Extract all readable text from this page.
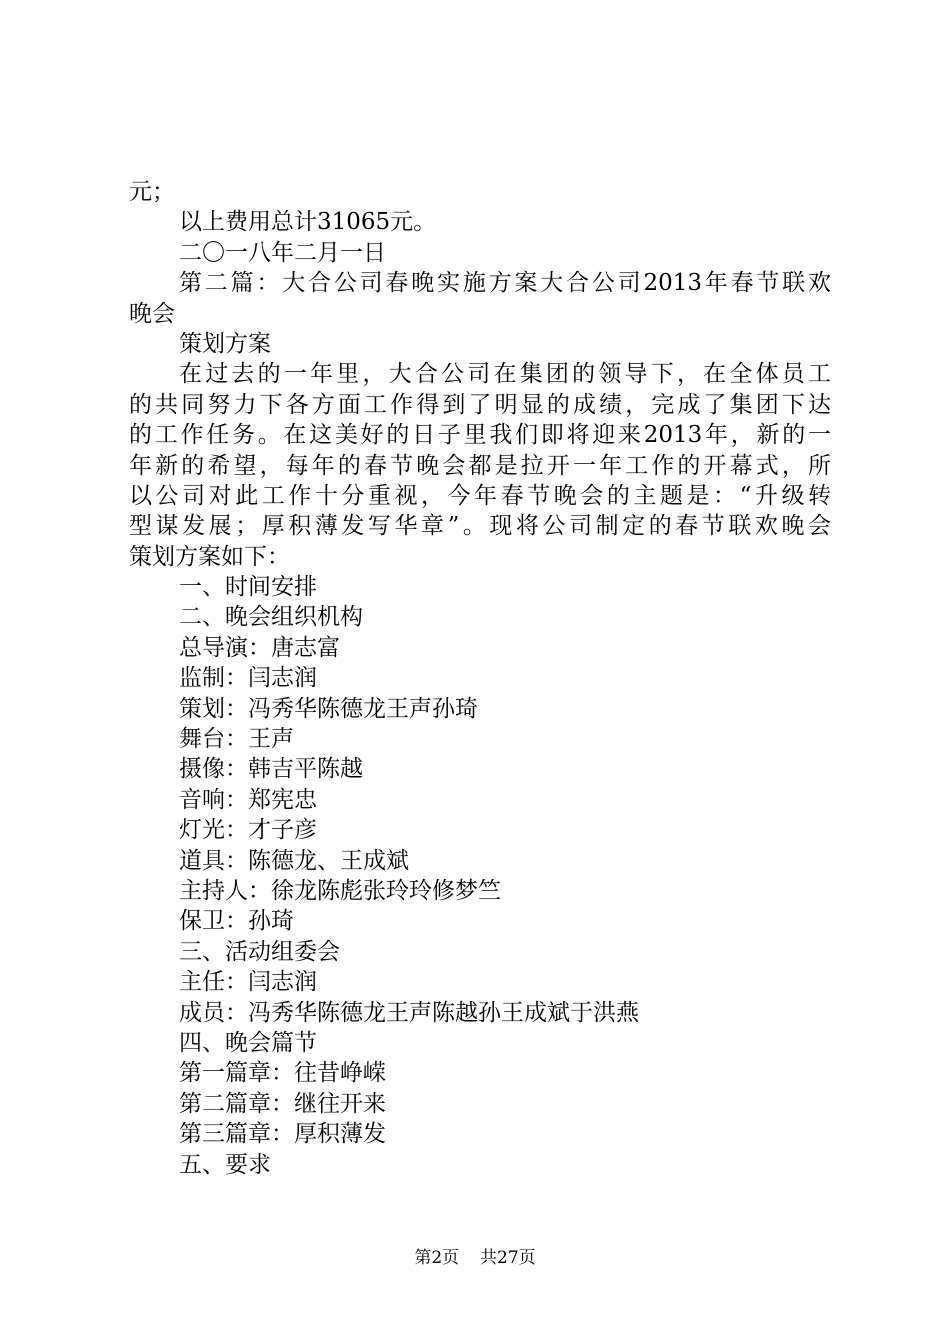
元；
以上费用总计31065元。
二〇一八年二月一日
第二篇：大合公司春晚实施方案大合公司2013年春节联欢
晚会
策划方案
在过去的一年里，大合公司在集团的领导下，在全体员工
的共同努力下各方面工作得到了明显的成绩，完成了集团下达
的工作任务。在这美好的日子里我们即将迎来2013年，新的一
年新的希望，每年的春节晚会都是拉开一年工作的开幕式，所
以公司对此工作十分重视，今年春节晚会的主题是：“升级转
型谋发展；厚积薄发写华章”。现将公司制定的春节联欢晚会
策划方案如下：
一、时间安排
二、晚会组织机构
总导演：唐志富
监制：闫志润
策划：冯秀华陈德龙王声孙琦
舞台：王声
摄像：韩吉平陈越
音响：郑宪忠
灯光：才子彦
道具：陈德龙、王成斌
主持人：徐龙陈彪张玲玲修梦竺
保卫：孙琦
三、活动组委会
主任：闫志润
成员：冯秀华陈德龙王声陈越孙王成斌于洪燕
四、晚会篇节
第一篇章：往昔峥嵘
第二篇章：继往开来
第三篇章：厚积薄发
五、要求
第2页 共27页
